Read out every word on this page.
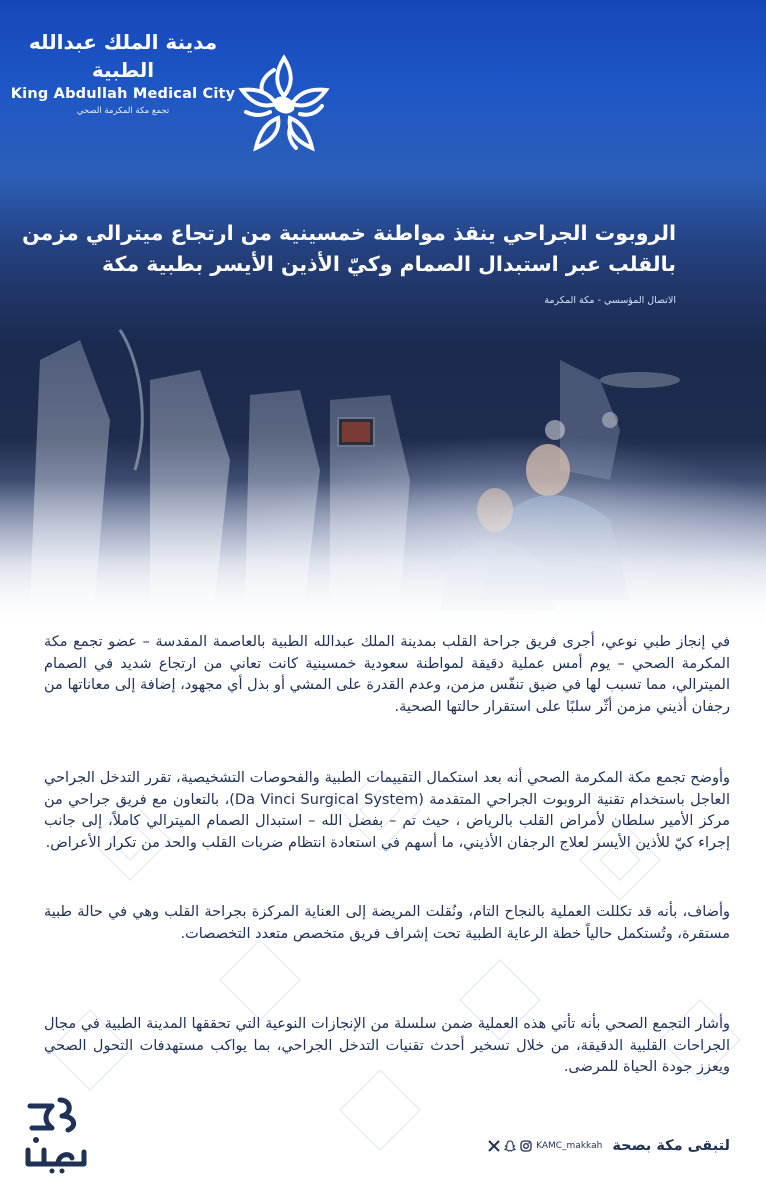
مدينة الملك عبدالله الطبية
King Abdullah Medical City
تجمع مكة المكرمة الصحي
الروبوت الجراحي ينقذ مواطنة خمسينية من ارتجاع ميترالي مزمن
بالقلب عبر استبدال الصمام وكيّ الأذين الأيسر بطبية مكة
الاتصال المؤسسي - مكة المكرمة

في إنجاز طبي نوعي، أجرى فريق جراحة القلب بمدينة الملك عبدالله الطبية بالعاصمة المقدسة – عضو تجمع مكة المكرمة الصحي – يوم أمس عملية دقيقة لمواطنة سعودية خمسينية كانت تعاني من ارتجاع شديد في الصمام الميترالي، مما تسبب لها في ضيق تنفّس مزمن، وعدم القدرة على المشي أو بذل أي مجهود، إضافة إلى معاناتها من رجفان أذيني مزمن أثّر سلبًا على استقرار حالتها الصحية.

وأوضح تجمع مكة المكرمة الصحي أنه بعد استكمال التقييمات الطبية والفحوصات التشخيصية، تقرر التدخل الجراحي العاجل باستخدام تقنية الروبوت الجراحي المتقدمة (Da Vinci Surgical System)، بالتعاون مع فريق جراحي من مركز الأمير سلطان لأمراض القلب بالرياض ، حيث تم – بفضل الله – استبدال الصمام الميترالي كاملاً، إلى جانب إجراء كيّ للأذين الأيسر لعلاج الرجفان الأذيني، ما أسهم في استعادة انتظام ضربات القلب والحد من تكرار الأعراض.

وأضاف، بأنه قد تكللت العملية بالنجاح التام، ونُقلت المريضة إلى العناية المركزة بجراحة القلب وهي في حالة طبية مستقرة، وتُستكمل حالياً خطة الرعاية الطبية تحت إشراف فريق متخصص متعدد التخصصات.

وأشار التجمع الصحي بأنه تأتي هذه العملية ضمن سلسلة من الإنجازات النوعية التي تحققها المدينة الطبية في مجال الجراحات القلبية الدقيقة، من خلال تسخير أحدث تقنيات التدخل الجراحي، بما يواكب مستهدفات التحول الصحي ويعزز جودة الحياة للمرضى.

لتبقى مكة بصحة
KAMC_makkah
